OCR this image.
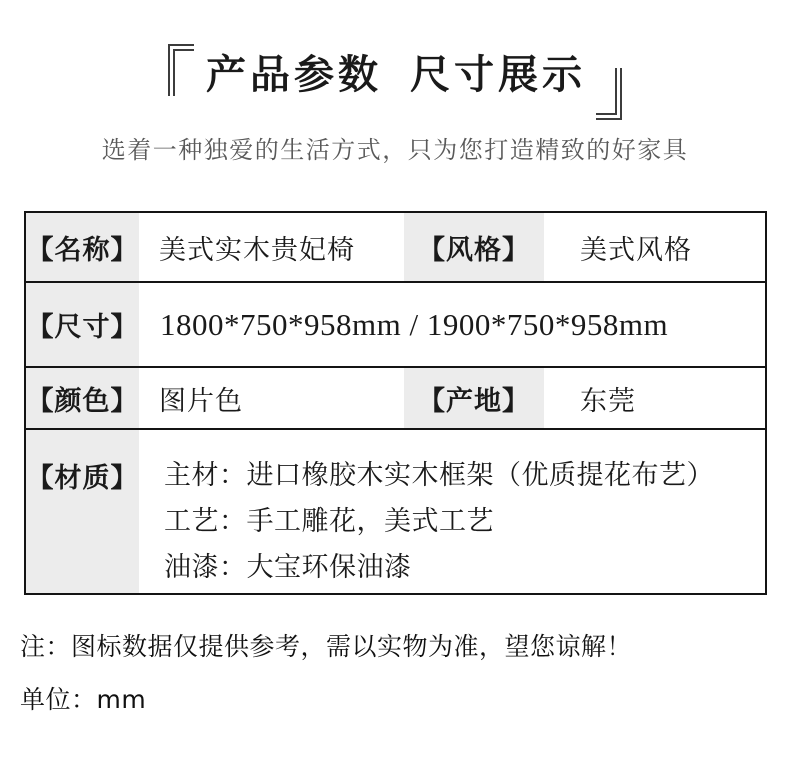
产品参数  尺寸展示
选着一种独爱的生活方式，只为您打造精致的好家具
【名称】 美式实木贵妃椅	【风格】	美式风格
【尺寸】 1800*750*958mm / 1900*750*958mm
【颜色】 图片色	【产地】	东莞
【材质】 主材：进口橡胶木实木框架（优质提花布艺）
工艺：手工雕花，美式工艺
油漆：大宝环保油漆
注：图标数据仅提供参考，需以实物为准，望您谅解！
单位：mm
